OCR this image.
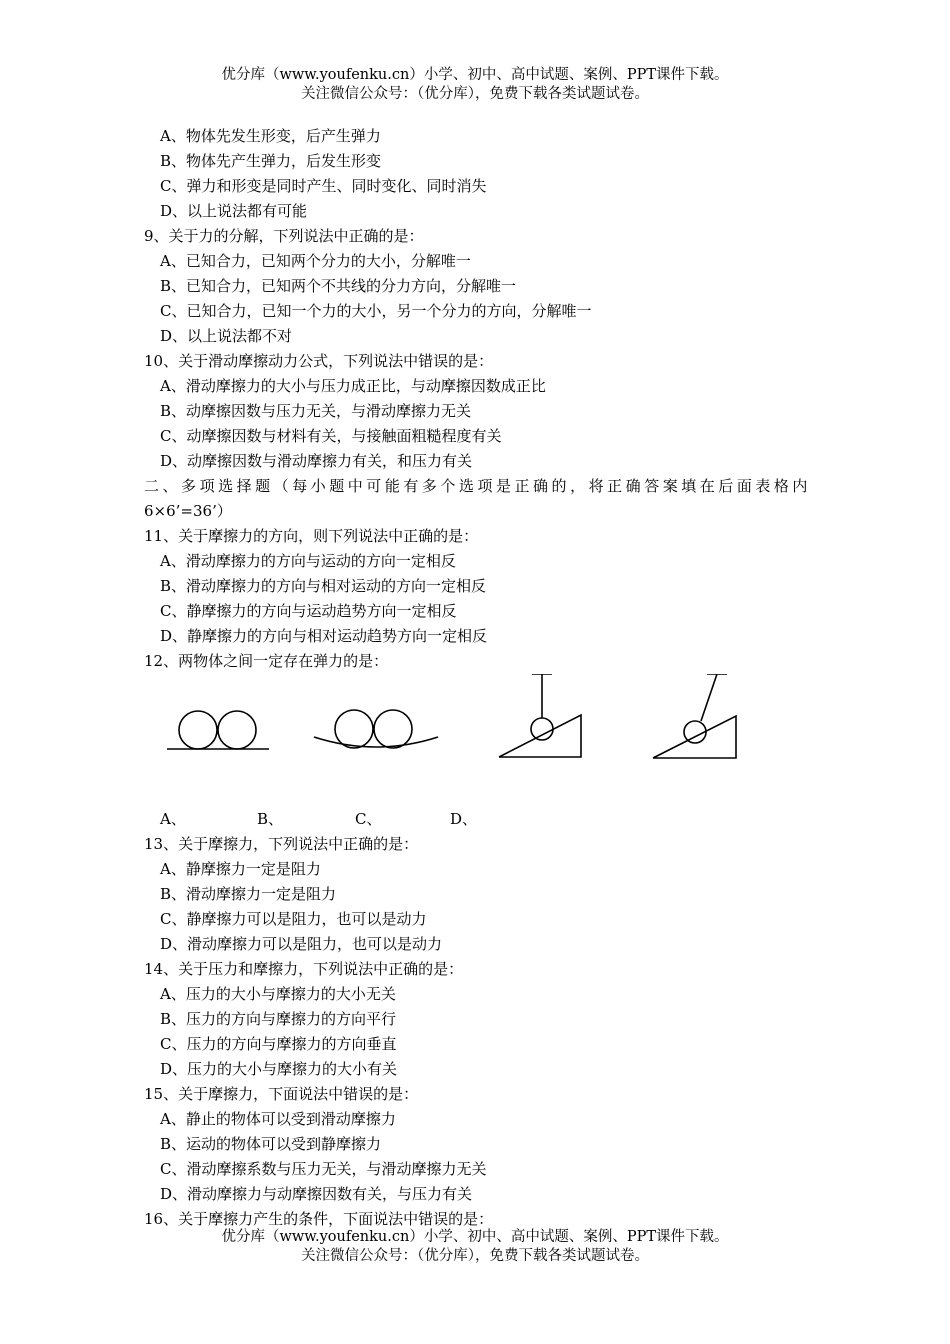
优分库（www.youfenku.cn）小学、初中、高中试题、案例、PPT课件下载。
关注微信公众号：（优分库），免费下载各类试题试卷。
A、物体先发生形变，后产生弹力
B、物体先产生弹力，后发生形变
C、弹力和形变是同时产生、同时变化、同时消失
D、以上说法都有可能
9、关于力的分解，下列说法中正确的是：
A、已知合力，已知两个分力的大小，分解唯一
B、已知合力，已知两个不共线的分力方向，分解唯一
C、已知合力，已知一个力的大小，另一个分力的方向，分解唯一
D、以上说法都不对
10、关于滑动摩擦动力公式，下列说法中错误的是：
A、滑动摩擦力的大小与压力成正比，与动摩擦因数成正比
B、动摩擦因数与压力无关，与滑动摩擦力无关
C、动摩擦因数与材料有关，与接触面粗糙程度有关
D、动摩擦因数与滑动摩擦力有关，和压力有关
二、多项选择题（每小题中可能有多个选项是正确的，将正确答案填在后面表格内
6×6’=36’）
11、关于摩擦力的方向，则下列说法中正确的是：
A、滑动摩擦力的方向与运动的方向一定相反
B、滑动摩擦力的方向与相对运动的方向一定相反
C、静摩擦力的方向与运动趋势方向一定相反
D、静摩擦力的方向与相对运动趋势方向一定相反
12、两物体之间一定存在弹力的是：
A、	B、	C、	D、
13、关于摩擦力，下列说法中正确的是：
A、静摩擦力一定是阻力
B、滑动摩擦力一定是阻力
C、静摩擦力可以是阻力，也可以是动力
D、滑动摩擦力可以是阻力，也可以是动力
14、关于压力和摩擦力，下列说法中正确的是：
A、压力的大小与摩擦力的大小无关
B、压力的方向与摩擦力的方向平行
C、压力的方向与摩擦力的方向垂直
D、压力的大小与摩擦力的大小有关
15、关于摩擦力，下面说法中错误的是：
A、静止的物体可以受到滑动摩擦力
B、运动的物体可以受到静摩擦力
C、滑动摩擦系数与压力无关，与滑动摩擦力无关
D、滑动摩擦力与动摩擦因数有关，与压力有关
16、关于摩擦力产生的条件，下面说法中错误的是：
优分库（www.youfenku.cn）小学、初中、高中试题、案例、PPT课件下载。
关注微信公众号：（优分库），免费下载各类试题试卷。
